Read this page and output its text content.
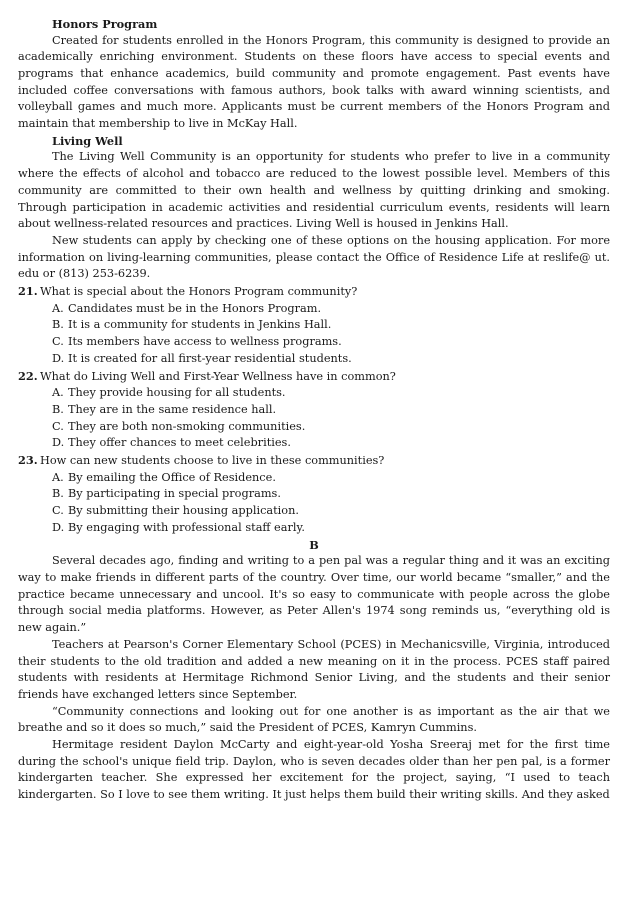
Honors Program

Created for students enrolled in the Honors Program, this community is designed to provide an academically enriching environment. Students on these floors have access to special events and programs that enhance academics, build community and promote engagement. Past events have included coffee conversations with famous authors, book talks with award winning scientists, and volleyball games and much more. Applicants must be current members of the Honors Program and maintain that membership to live in McKay Hall.

Living Well

The Living Well Community is an opportunity for students who prefer to live in a community where the effects of alcohol and tobacco are reduced to the lowest possible level. Members of this community are committed to their own health and wellness by quitting drinking and smoking. Through participation in academic activities and residential curriculum events, residents will learn about wellness-related resources and practices. Living Well is housed in Jenkins Hall.

New students can apply by checking one of these options on the housing application. For more information on living-learning communities, please contact the Office of Residence Life at reslife@ ut. edu or (813) 253-6239.

21. What is special about the Honors Program community?

A. Candidates must be in the Honors Program.

B. It is a community for students in Jenkins Hall.

C. Its members have access to wellness programs.

D. It is created for all first-year residential students.

22. What do Living Well and First-Year Wellness have in common?

A. They provide housing for all students.

B. They are in the same residence hall.

C. They are both non-smoking communities.

D. They offer chances to meet celebrities.

23. How can new students choose to live in these communities?

A. By emailing the Office of Residence.

B. By participating in special programs.

C. By submitting their housing application.

D. By engaging with professional staff early.

B

Several decades ago, finding and writing to a pen pal was a regular thing and it was an exciting way to make friends in different parts of the country. Over time, our world became “smaller,” and the practice became unnecessary and uncool. It's so easy to communicate with people across the globe through social media platforms. However, as Peter Allen's 1974 song reminds us, “everything old is new again.”

Teachers at Pearson's Corner Elementary School (PCES) in Mechanicsville, Virginia, introduced their students to the old tradition and added a new meaning on it in the process. PCES staff paired students with residents at Hermitage Richmond Senior Living, and the students and their senior friends have exchanged letters since September.

“Community connections and looking out for one another is as important as the air that we breathe and so it does so much,” said the President of PCES, Kamryn Cummins.

Hermitage resident Daylon McCarty and eight-year-old Yosha Sreeraj met for the first time during the school's unique field trip. Daylon, who is seven decades older than her pen pal, is a former kindergarten teacher. She expressed her excitement for the project, saying, “I used to teach kindergarten. So I love to see them writing. It just helps them build their writing skills. And they asked
